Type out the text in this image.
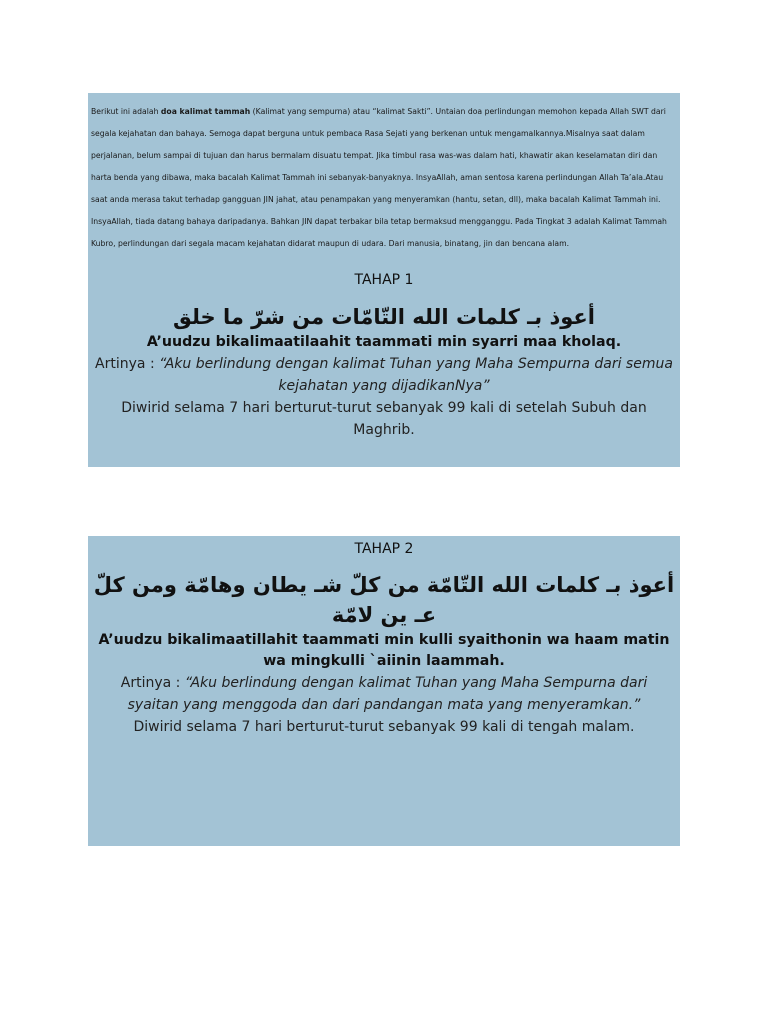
Berikut ini adalah doa kalimat tammah (Kalimat yang sempurna) atau “kalimat Sakti”. Untaian doa perlindungan memohon kepada Allah SWT dari segala kejahatan dan bahaya. Semoga dapat berguna untuk pembaca Rasa Sejati yang berkenan untuk mengamalkannya.Misalnya saat dalam perjalanan, belum sampai di tujuan dan harus bermalam disuatu tempat. Jika timbul rasa was-was dalam hati, khawatir akan keselamatan diri dan harta benda yang dibawa, maka bacalah Kalimat Tammah ini sebanyak-banyaknya. InsyaAllah, aman sentosa karena perlindungan Allah Ta’ala.Atau saat anda merasa takut terhadap gangguan JIN jahat, atau penampakan yang menyeramkan (hantu, setan, dll), maka bacalah Kalimat Tammah ini. InsyaAllah, tiada datang bahaya daripadanya. Bahkan JIN dapat terbakar bila tetap bermaksud mengganggu. Pada Tingkat 3 adalah Kalimat Tammah Kubro, perlindungan dari segala macam kejahatan didarat maupun di udara. Dari manusia, binatang, jin dan bencana alam.

TAHAP 1

أعوذ بـ كلمات الله التّامّات من شرّ ما خلق

A’uudzu bikalimaatilaahit taammati min syarri maa kholaq.

Artinya : “Aku berlindung dengan kalimat Tuhan yang Maha Sempurna dari semua kejahatan yang dijadikanNya”

Diwirid selama 7 hari berturut-turut sebanyak 99 kali di setelah Subuh dan Maghrib.

TAHAP 2

أعوذ بـ كلمات الله التّامّة من كلّ شـ يطان وهامّة ومن كلّ عـ ين لامّة

A’uudzu bikalimaatillahit taammati min kulli syaithonin wa haam matin wa mingkulli `aiinin laammah.

Artinya : “Aku berlindung dengan kalimat Tuhan yang Maha Sempurna dari syaitan yang menggoda dan dari pandangan mata yang menyeramkan.”

Diwirid selama 7 hari berturut-turut sebanyak 99 kali di tengah malam.
